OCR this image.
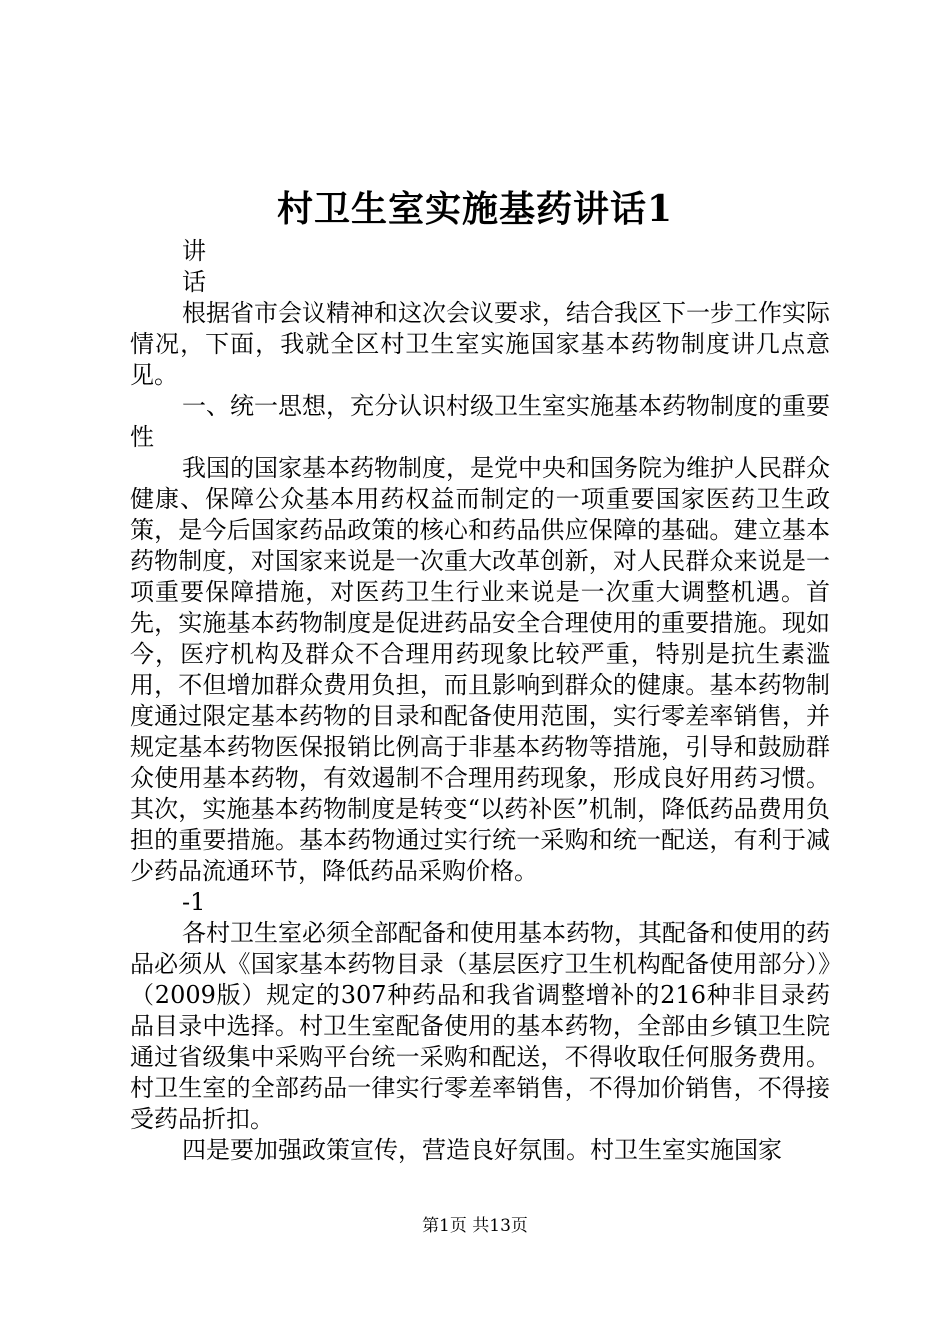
村卫生室实施基药讲话1

讲

话

根据省市会议精神和这次会议要求，结合我区下一步工作实际情况，下面，我就全区村卫生室实施国家基本药物制度讲几点意见。

一、统一思想，充分认识村级卫生室实施基本药物制度的重要性

我国的国家基本药物制度，是党中央和国务院为维护人民群众健康、保障公众基本用药权益而制定的一项重要国家医药卫生政策，是今后国家药品政策的核心和药品供应保障的基础。建立基本药物制度，对国家来说是一次重大改革创新，对人民群众来说是一项重要保障措施，对医药卫生行业来说是一次重大调整机遇。首先，实施基本药物制度是促进药品安全合理使用的重要措施。现如今，医疗机构及群众不合理用药现象比较严重，特别是抗生素滥用，不但增加群众费用负担，而且影响到群众的健康。基本药物制度通过限定基本药物的目录和配备使用范围，实行零差率销售，并规定基本药物医保报销比例高于非基本药物等措施，引导和鼓励群众使用基本药物，有效遏制不合理用药现象，形成良好用药习惯。其次，实施基本药物制度是转变“以药补医”机制，降低药品费用负担的重要措施。基本药物通过实行统一采购和统一配送，有利于减少药品流通环节，降低药品采购价格。

-1

各村卫生室必须全部配备和使用基本药物，其配备和使用的药品必须从《国家基本药物目录（基层医疗卫生机构配备使用部分）》（2009版）规定的307种药品和我省调整增补的216种非目录药品目录中选择。村卫生室配备使用的基本药物，全部由乡镇卫生院通过省级集中采购平台统一采购和配送，不得收取任何服务费用。村卫生室的全部药品一律实行零差率销售，不得加价销售，不得接受药品折扣。

四是要加强政策宣传，营造良好氛围。村卫生室实施国家

第1页 共13页
